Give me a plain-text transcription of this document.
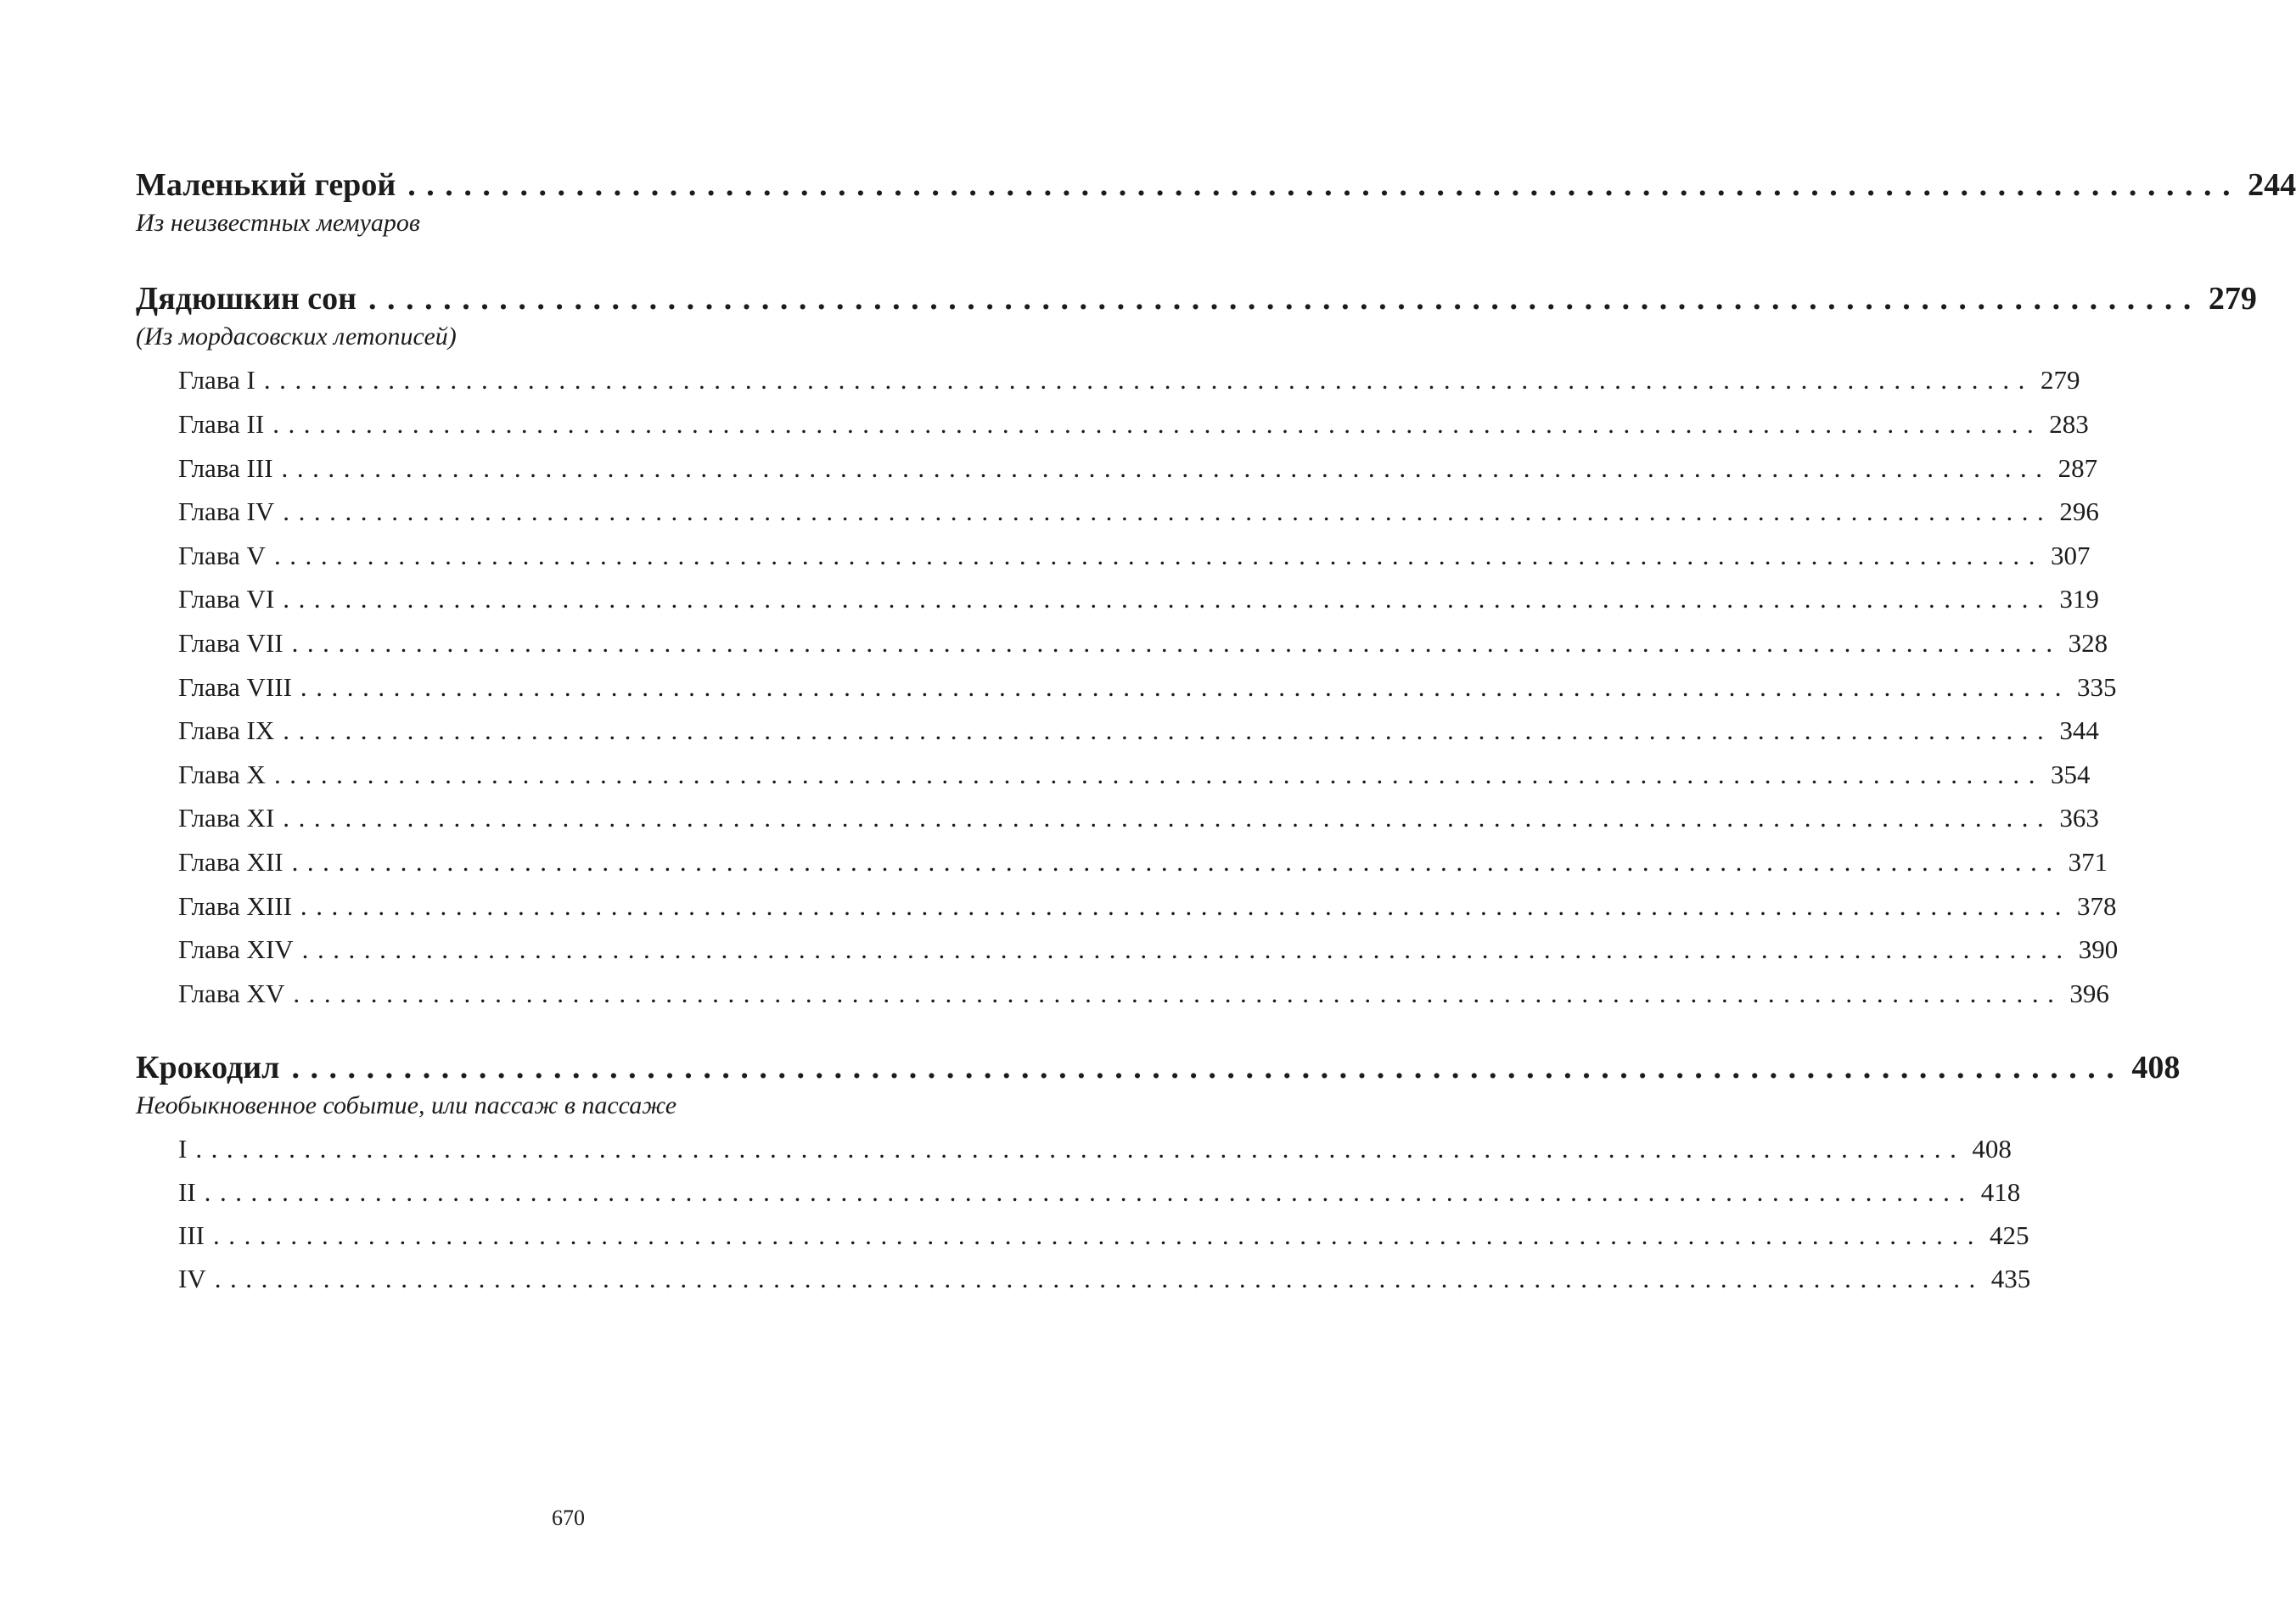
Маленький герой .................................................................................................. 244
Из неизвестных мемуаров
Дядюшкин сон .................................................................................................. 279
(Из мордасовских летописей)
Глава I .................................................................................................................. 279
Глава II .................................................................................................................. 283
Глава III .................................................................................................................. 287
Глава IV .................................................................................................................. 296
Глава V .................................................................................................................. 307
Глава VI .................................................................................................................. 319
Глава VII .................................................................................................................. 328
Глава VIII .................................................................................................................. 335
Глава IX .................................................................................................................. 344
Глава X .................................................................................................................. 354
Глава XI .................................................................................................................. 363
Глава XII .................................................................................................................. 371
Глава XIII .................................................................................................................. 378
Глава XIV .................................................................................................................. 390
Глава XV .................................................................................................................. 396
Крокодил .................................................................................................. 408
Необыкновенное событие, или пассаж в пассаже
I .................................................................................................................. 408
II .................................................................................................................. 418
III .................................................................................................................. 425
IV .................................................................................................................. 435
670
